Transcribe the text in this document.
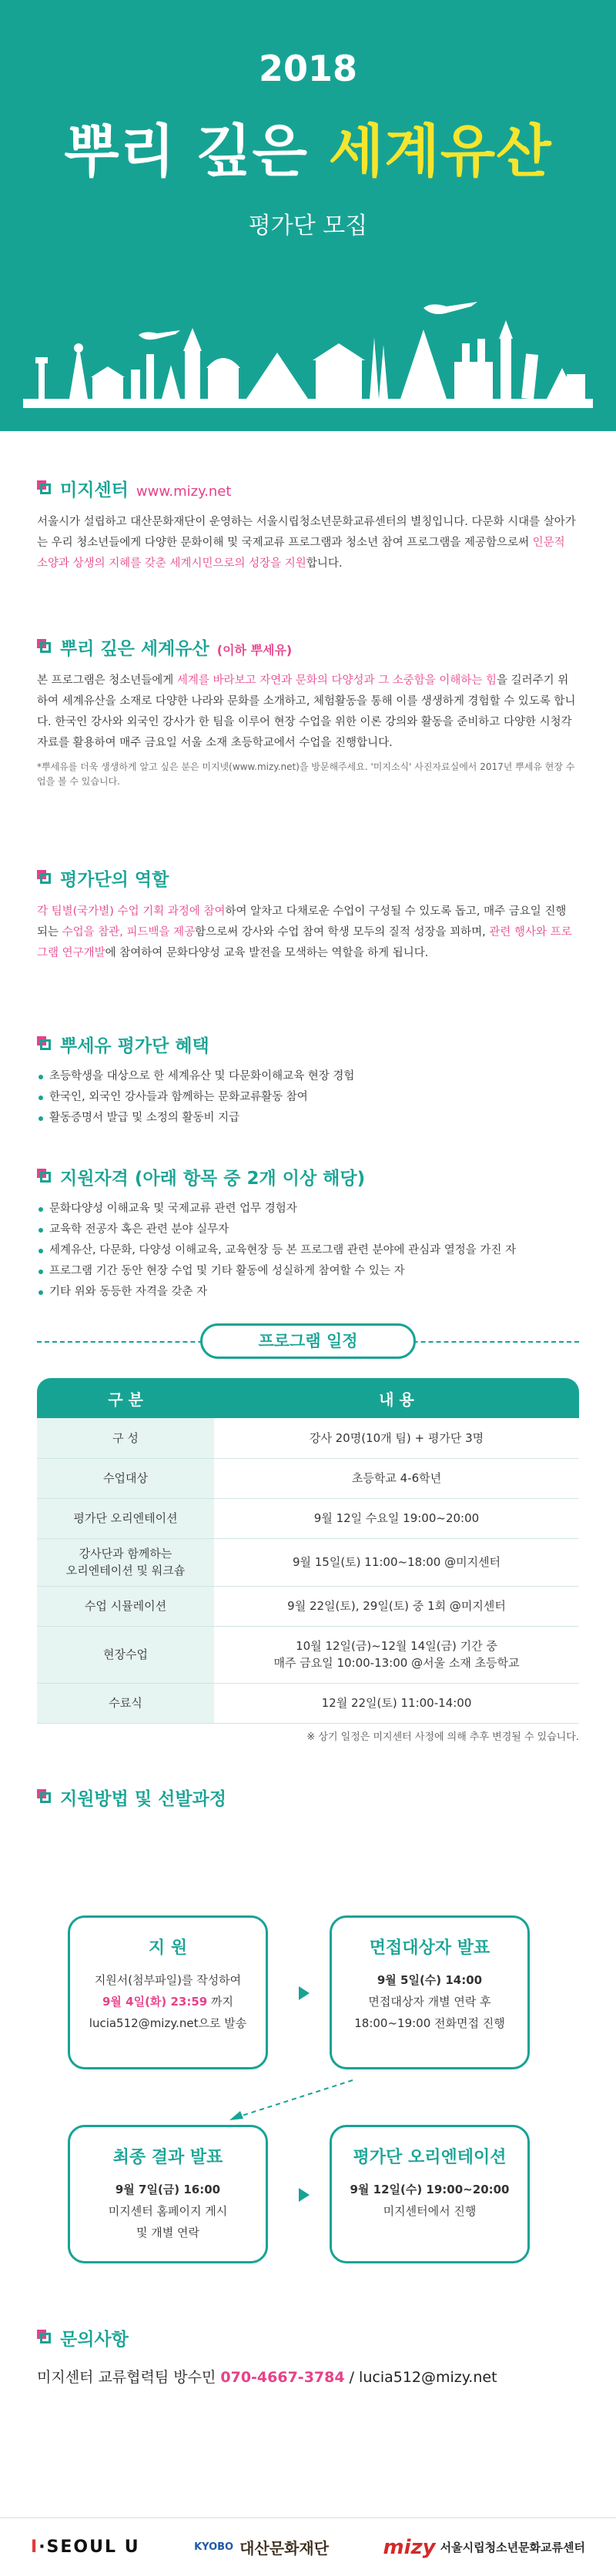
2018
뿌리 깊은 세계유산
평가단 모집
미지센터 www.mizy.net

서울시가 설립하고 대산문화재단이 운영하는 서울시립청소년문화교류센터의 별칭입니다. 다문화 시대를 살아가는 우리 청소년들에게 다양한 문화이해 및 국제교류 프로그램과 청소년 참여 프로그램을 제공함으로써 인문적 소양과 상생의 지혜를 갖춘 세계시민으로의 성장을 지원합니다.

뿌리 깊은 세계유산 (이하 뿌세유)

본 프로그램은 청소년들에게 세계를 바라보고 자연과 문화의 다양성과 그 소중함을 이해하는 힘을 길러주기 위하여 세계유산을 소재로 다양한 나라와 문화를 소개하고, 체험활동을 통해 이를 생생하게 경험할 수 있도록 합니다. 한국인 강사와 외국인 강사가 한 팀을 이루어 현장 수업을 위한 이론 강의와 활동을 준비하고 다양한 시청각 자료를 활용하여 매주 금요일 서울 소재 초등학교에서 수업을 진행합니다.

*뿌세유를 더욱 생생하게 알고 싶은 분은 미지넷(www.mizy.net)을 방문해주세요. '미지소식' 사진자료실에서 2017년 뿌세유 현장 수업을 볼 수 있습니다.
평가단의 역할

각 팀별(국가별) 수업 기획 과정에 참여하여 알차고 다채로운 수업이 구성될 수 있도록 돕고, 매주 금요일 진행되는 수업을 참관, 피드백을 제공함으로써 강사와 수업 참여 학생 모두의 질적 성장을 꾀하며, 관련 행사와 프로그램 연구개발에 참여하여 문화다양성 교육 발전을 모색하는 역할을 하게 됩니다.

뿌세유 평가단 혜택
초등학생을 대상으로 한 세계유산 및 다문화이해교육 현장 경험
한국인, 외국인 강사들과 함께하는 문화교류활동 참여
활동증명서 발급 및 소정의 활동비 지급
지원자격 (아래 항목 중 2개 이상 해당)
문화다양성 이해교육 및 국제교류 관련 업무 경험자
교육학 전공자 혹은 관련 분야 실무자
세계유산, 다문화, 다양성 이해교육, 교육현장 등 본 프로그램 관련 분야에 관심과 열정을 가진 자
프로그램 기간 동안 현장 수업 및 기타 활동에 성실하게 참여할 수 있는 자
기타 위와 동등한 자격을 갖춘 자
프로그램 일정
구 분	내 용
구 성	강사 20명(10개 팀) + 평가단 3명
수업대상	초등학교 4-6학년
평가단 오리엔테이션	9월 12일 수요일 19:00~20:00
강사단과 함께하는
오리엔테이션 및 워크숍	9월 15일(토) 11:00~18:00 @미지센터
수업 시뮬레이션	9월 22일(토), 29일(토) 중 1회 @미지센터
현장수업	10월 12일(금)~12월 14일(금) 기간 중
매주 금요일 10:00-13:00 @서울 소재 초등학교
수료식	12월 22일(토) 11:00-14:00
※ 상기 일정은 미지센터 사정에 의해 추후 변경될 수 있습니다.
지원방법 및 선발과정
지 원

지원서(첨부파일)를 작성하여

9월 4일(화) 23:59 까지

lucia512@mizy.net으로 발송

면접대상자 발표

9월 5일(수) 14:00

면접대상자 개별 연락 후

18:00~19:00 전화면접 진행

최종 결과 발표

9월 7일(금) 16:00

미지센터 홈페이지 게시

및 개별 연락

평가단 오리엔테이션

9월 12일(수) 19:00~20:00

미지센터에서 진행

문의사항
미지센터 교류협력팀 방수민 070-4667-3784 / lucia512@mizy.net
I·SEOUL U	KYOBO 대산문화재단	mizy 서울시립청소년문화교류센터
